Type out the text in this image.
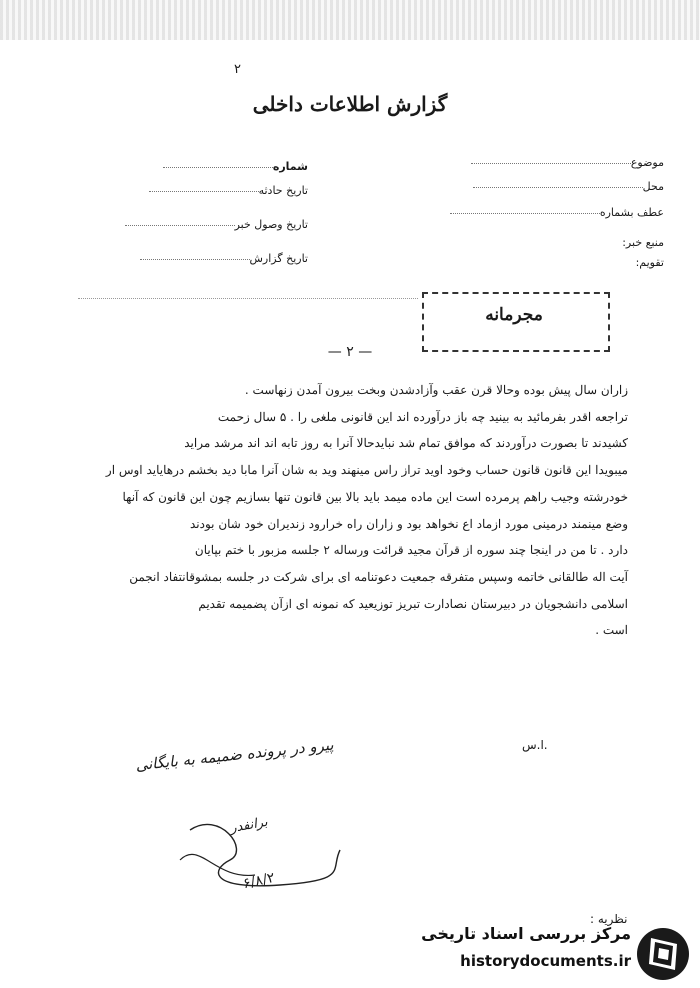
۲
گزارش اطلاعات داخلی
شماره
تاریخ حادثه
تاریخ وصول خبر
تاریخ گزارش
موضوع
محل
عطف بشماره
منبع خبر:
تقویم:
مجرمانه
— ۲ —

زاران سال پیش بوده وحالا قرن عقب وآزادشدن وبخت بیرون آمدن زنهاست .

تراجعه اقدر بفرمائید به بینید چه باز درآورده اند این قانونی ملغی را . ۵ سال زحمت

کشیدند تا بصورت درآوردند که موافق تمام شد نبایدحالا آنرا به روز تابه اند اند مرشد مراید

میبویدا این قانون قانون حساب وخود اوید تراز راس مینهند وید به شان آنرا مابا دید بخشم درهایاید اوس ار

خودرشته وجیب راهم پرمرده است این ماده میمد باید بالا بین قانون تنها بسازیم چون این قانون که آنها

وضع مینمند درمینی مورد ازماد اع نخواهد بود و زاران راه خرارود زندیران خود شان بودند

دارد . تا من در اینجا چند سوره از قرآن مجید قرائت ورساله ۲ جلسه مزبور با ختم بپایان

آیت اله طالقانی خاتمه وسپس متفرقه جمعیت دعوتنامه ای برای شرکت در جلسه بمشوقانتفاد انجمن

اسلامی دانشجویان در دبیرستان نصادارت تبریز توزیعید که نمونه ای ازآن پضمیمه تقدیم

است .

ا.س.
پیرو در پرونده ضمیمه به بایگانی
برانفدر
۶/۸/۲
نظریه :
مرکز بررسی اسناد تاریخی
historydocuments.ir
